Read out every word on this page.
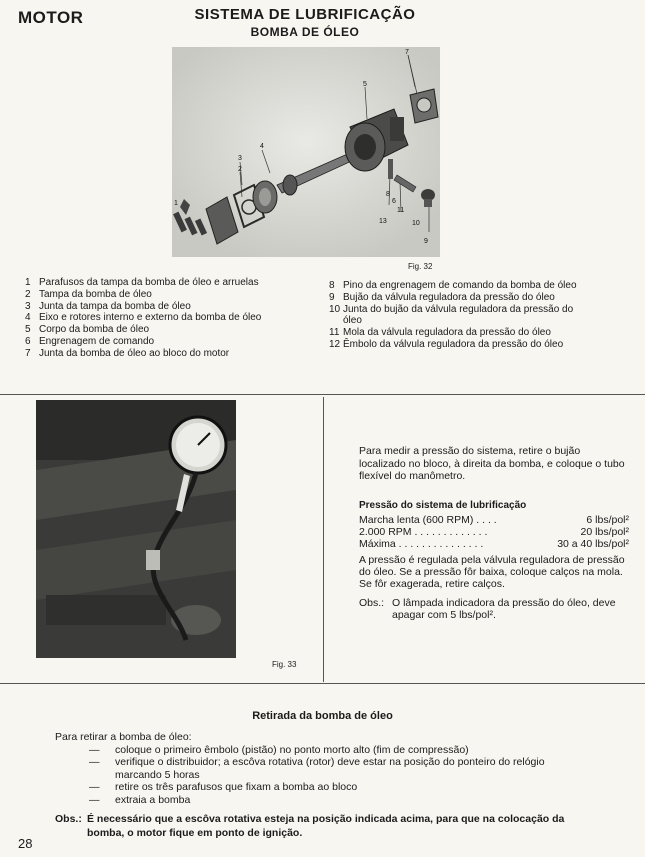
MOTOR	SISTEMA DE LUBRIFICAÇÃO
BOMBA DE ÓLEO
7
5
4
3
2
1
8
6
13
11
10
9
Fig. 32
1 Parafusos da tampa da bomba de óleo e arruelas
2 Tampa da bomba de óleo
3 Junta da tampa da bomba de óleo
4 Eixo e rotores interno e externo da bomba de óleo
5 Corpo da bomba de óleo
6 Engrenagem de comando
7 Junta da bomba de óleo ao bloco do motor
8 Pino da engrenagem de comando da bomba de óleo
9 Bujão da válvula reguladora da pressão do óleo
10 Junta do bujão da válvula reguladora da pressão do óleo
11 Mola da válvula reguladora da pressão do óleo
12 Êmbolo da válvula reguladora da pressão do óleo
Fig. 33
Para medir a pressão do sistema, retire o bujão localizado no bloco, à direita da bomba, e coloque o tubo flexível do manômetro.
Pressão do sistema de lubrificação
Marcha lenta (600 RPM) . . . .	6 lbs/pol²
2.000 RPM . . . . . . . . . . . . .	20 lbs/pol²
Máxima . . . . . . . . . . . . . . .	30 a 40 lbs/pol²
A pressão é regulada pela válvula reguladora de pressão do óleo. Se a pressão fôr baixa, coloque calços na mola. Se fôr exagerada, retire calços.
Obs.: O lâmpada indicadora da pressão do óleo, deve apagar com 5 lbs/pol².
Retirada da bomba de óleo
Para retirar a bomba de óleo:
—	coloque o primeiro êmbolo (pistão) no ponto morto alto (fim de compressão)
—	verifique o distribuidor; a escôva rotativa (rotor) deve estar na posição do ponteiro do relógio marcando 5 horas
—	retire os três parafusos que fixam a bomba ao bloco
—	extraia a bomba
Obs.: É necessário que a escôva rotativa esteja na posição indicada acima, para que na colocação da bomba, o motor fique em ponto de ignição.
28
